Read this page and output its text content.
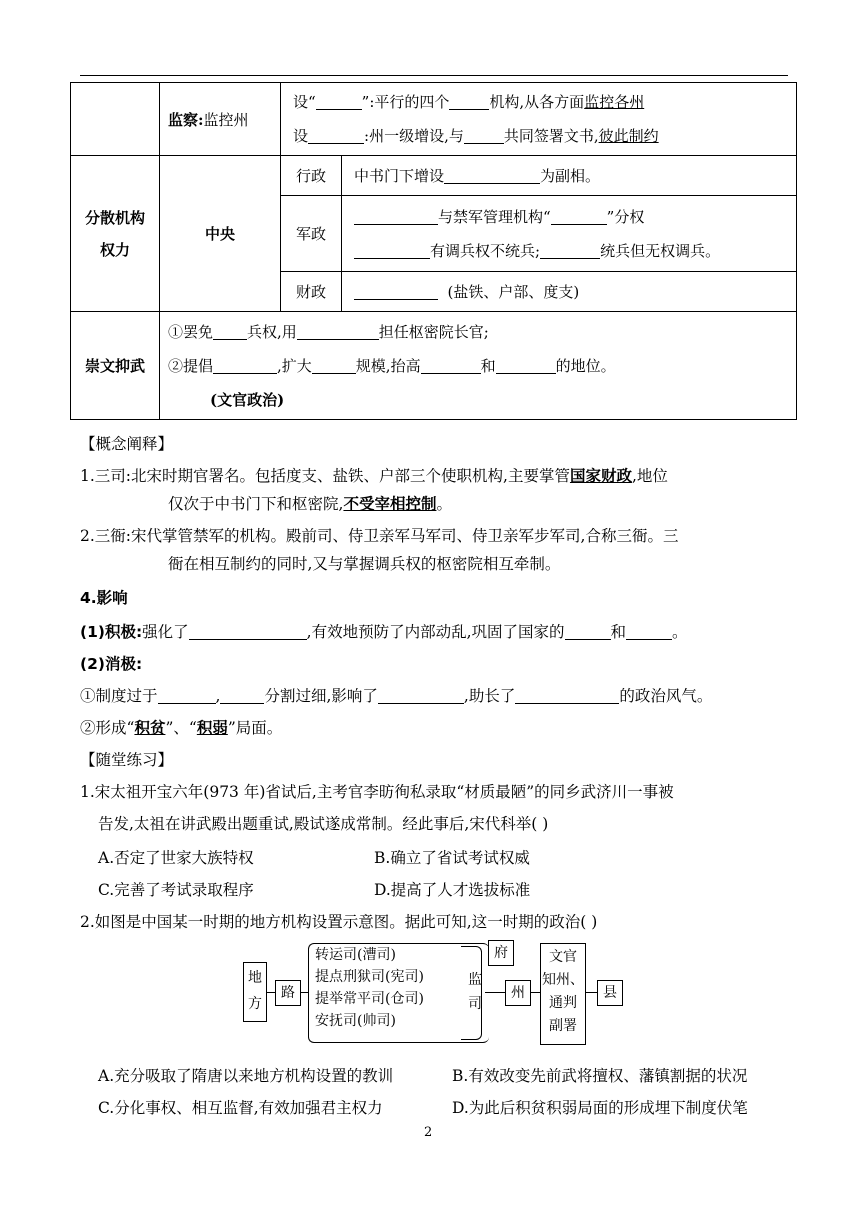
	监察:监控州	设“ ”:平行的四个 机构,从各方面监控各州
设 :州一级增设,与 共同签署文书,彼此制约	

分散机构权力	中央	行政	中书门下增设 为副相。

		军政	与禁军管理机构“ ”分权
有调兵权不统兵; 统兵但无权调兵。

		财政	(盐铁、户部、度支)

崇文抑武	①罢免 兵权,用 担任枢密院长官;
②提倡 ,扩大 规模,抬高 和 的地位。
(文官政治)		
【概念阐释】
1.三司:北宋时期官署名。包括度支、盐铁、户部三个使职机构,主要掌管国家财政,地位
仅次于中书门下和枢密院,不受宰相控制。
2.三衙:宋代掌管禁军的机构。殿前司、侍卫亲军马军司、侍卫亲军步军司,合称三衙。三
衙在相互制约的同时,又与掌握调兵权的枢密院相互牵制。
4.影响
(1)积极:强化了	,有效地预防了内部动乱,巩固了国家的	和	。
(2)消极:
①制度过于	,	分割过细,影响了	,助长了	的政治风气。
②形成“积贫”、“积弱”局面。
【随堂练习】
1.宋太祖开宝六年(973 年)省试后,主考官李昉徇私录取“材质最陋”的同乡武济川一事被
告发,太祖在讲武殿出题重试,殿试遂成常制。经此事后,宋代科举( )
A.否定了世家大族特权	B.确立了省试考试权威
C.完善了考试录取程序	D.提高了人才选拔标准
2.如图是中国某一时期的地方机构设置示意图。据此可知,这一时期的政治( )
A.充分吸取了隋唐以来地方机构设置的教训	B.有效改变先前武将擅权、藩镇割据的状况
C.分化事权、相互监督,有效加强君主权力	D.为此后积贫积弱局面的形成埋下制度伏笔
地方
路
转运司(漕司)
提点刑狱司(宪司)
提举常平司(仓司)
安抚司(帅司)
监司
府
州
文官
知州、
通判
副署
县
2
